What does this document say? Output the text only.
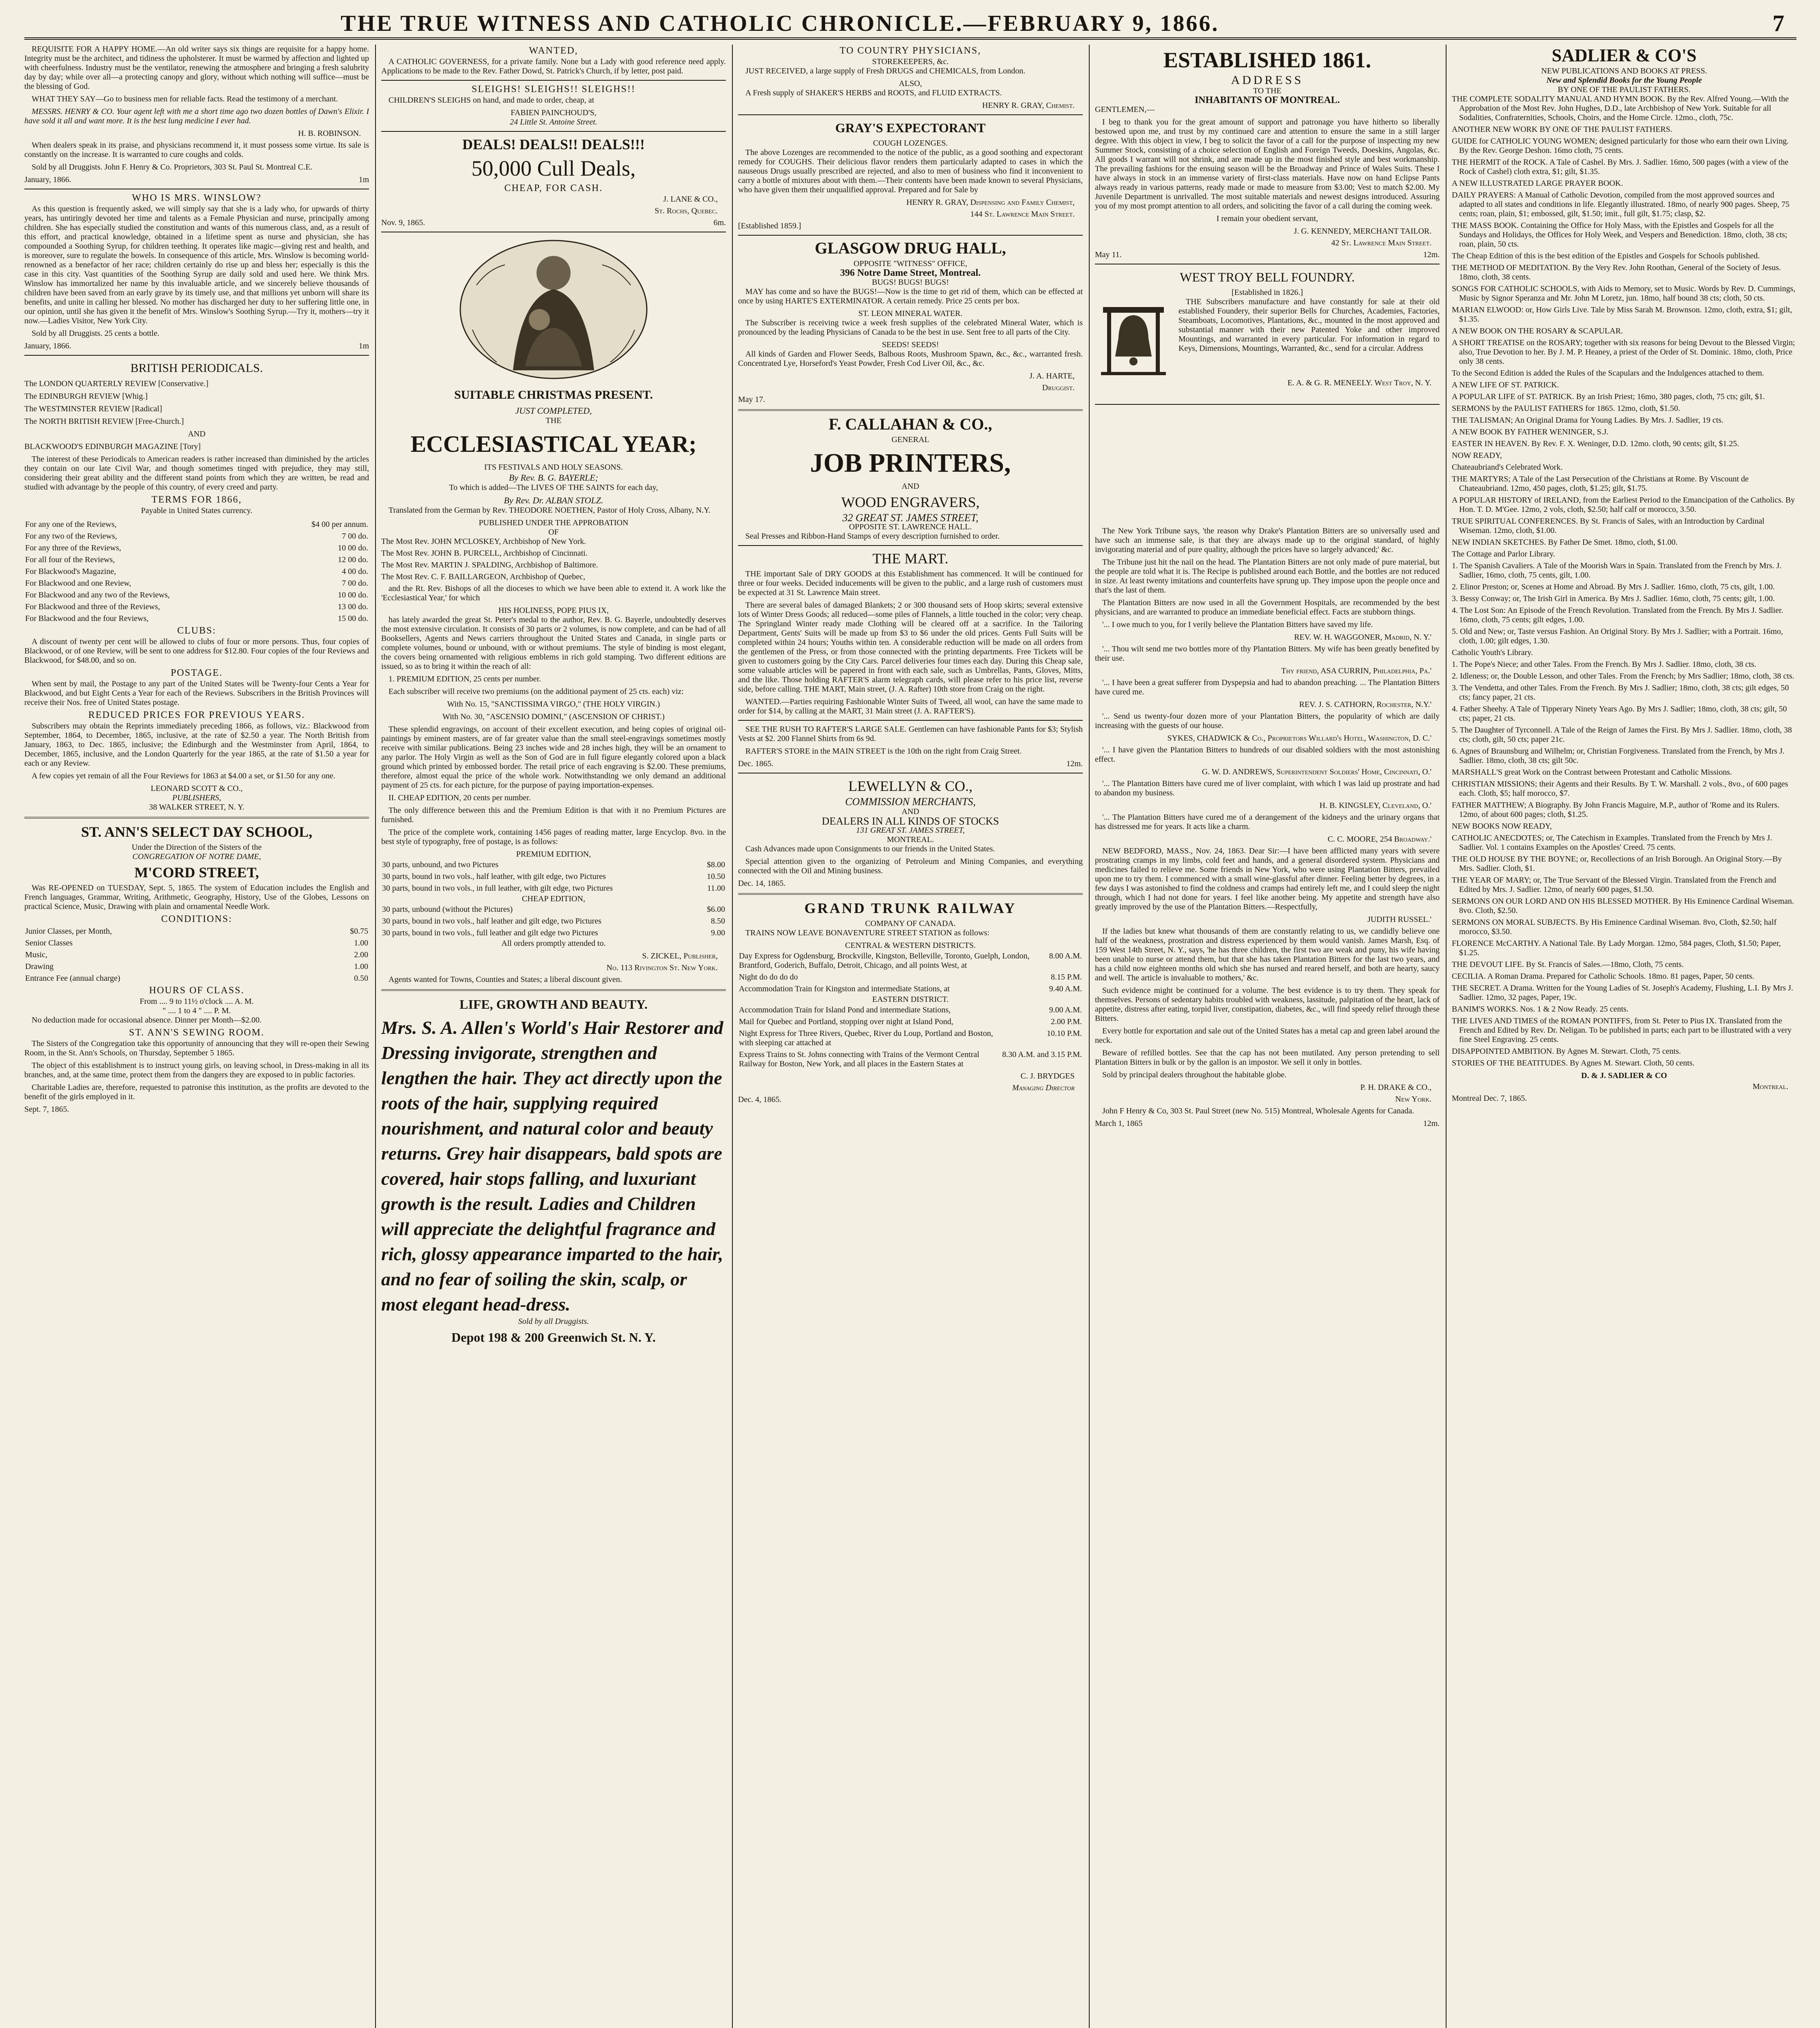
THE TRUE WITNESS AND CATHOLIC CHRONICLE.—FEBRUARY 9, 1866.	7

REQUISITE FOR A HAPPY HOME.—An old writer says six things are requisite for a happy home. Integrity must be the architect, and tidiness the upholsterer. It must be warmed by affection and lighted up with cheerfulness. Industry must be the ventilator, renewing the atmosphere and bringing a fresh salubrity day by day; while over all—a protecting canopy and glory, without which nothing will suffice—must be the blessing of God.

WHAT THEY SAY—Go to business men for reliable facts. Read the testimony of a merchant.

MESSRS. HENRY & CO. Your agent left with me a short time ago two dozen bottles of Dawn's Elixir. I have sold it all and want more. It is the best lung medicine I ever had.

H. B. ROBINSON.

When dealers speak in its praise, and physicians recommend it, it must possess some virtue. Its sale is constantly on the increase. It is warranted to cure coughs and colds.

Sold by all Druggists. John F. Henry & Co. Proprietors, 303 St. Paul St. Montreal C.E.

January, 1866.	1m
WHO IS MRS. WINSLOW?

As this question is frequently asked, we will simply say that she is a lady who, for upwards of thirty years, has untiringly devoted her time and talents as a Female Physician and nurse, principally among children. She has especially studied the constitution and wants of this numerous class, and, as a result of this effort, and practical knowledge, obtained in a lifetime spent as nurse and physician, she has compounded a Soothing Syrup, for children teething. It operates like magic—giving rest and health, and is moreover, sure to regulate the bowels. In consequence of this article, Mrs. Winslow is becoming world-renowned as a benefactor of her race; children certainly do rise up and bless her; especially is this the case in this city. Vast quantities of the Soothing Syrup are daily sold and used here. We think Mrs. Winslow has immortalized her name by this invaluable article, and we sincerely believe thousands of children have been saved from an early grave by its timely use, and that millions yet unborn will share its benefits, and unite in calling her blessed. No mother has discharged her duty to her suffering little one, in our opinion, until she has given it the benefit of Mrs. Winslow's Soothing Syrup.—Try it, mothers—try it now.—Ladies Visitor, New York City.

Sold by all Druggists. 25 cents a bottle.

January, 1866.	1m
BRITISH PERIODICALS.

The LONDON QUARTERLY REVIEW [Conservative.]

The EDINBURGH REVIEW [Whig.]

The WESTMINSTER REVIEW [Radical]

The NORTH BRITISH REVIEW [Free-Church.]

AND

BLACKWOOD'S EDINBURGH MAGAZINE [Tory]

The interest of these Periodicals to American readers is rather increased than diminished by the articles they contain on our late Civil War, and though sometimes tinged with prejudice, they may still, considering their great ability and the different stand points from which they are written, be read and studied with advantage by the people of this country, of every creed and party.

TERMS FOR 1866,

Payable in United States currency.

For any one of the Reviews,	$4 00 per annum.
For any two of the Reviews,	7 00 do.
For any three of the Reviews,	10 00 do.
For all four of the Reviews,	12 00 do.
For Blackwood's Magazine,	4 00 do.
For Blackwood and one Review,	7 00 do.
For Blackwood and any two of the Reviews,	10 00 do.
For Blackwood and three of the Reviews,	13 00 do.
For Blackwood and the four Reviews,	15 00 do.
CLUBS:

A discount of twenty per cent will be allowed to clubs of four or more persons. Thus, four copies of Blackwood, or of one Review, will be sent to one address for $12.80. Four copies of the four Reviews and Blackwood, for $48.00, and so on.

POSTAGE.

When sent by mail, the Postage to any part of the United States will be Twenty-four Cents a Year for Blackwood, and but Eight Cents a Year for each of the Reviews. Subscribers in the British Provinces will receive their Nos. free of United States postage.

REDUCED PRICES FOR PREVIOUS YEARS.

Subscribers may obtain the Reprints immediately preceding 1866, as follows, viz.: Blackwood from September, 1864, to December, 1865, inclusive, at the rate of $2.50 a year. The North British from January, 1863, to Dec. 1865, inclusive; the Edinburgh and the Westminster from April, 1864, to December, 1865, inclusive, and the London Quarterly for the year 1865, at the rate of $1.50 a year for each or any Review.

A few copies yet remain of all the Four Reviews for 1863 at $4.00 a set, or $1.50 for any one.

LEONARD SCOTT & CO.,
PUBLISHERS,
38 WALKER STREET, N. Y.
ST. ANN'S SELECT DAY SCHOOL,
Under the Direction of the Sisters of the
CONGREGATION OF NOTRE DAME,
M'CORD STREET,

Was RE-OPENED on TUESDAY, Sept. 5, 1865. The system of Education includes the English and French languages, Grammar, Writing, Arithmetic, Geography, History, Use of the Globes, Lessons on practical Science, Music, Drawing with plain and ornamental Needle Work.

CONDITIONS:
Junior Classes, per Month,	$0.75
Senior Classes	1.00
Music,	2.00
Drawing	1.00
Entrance Fee (annual charge)	0.50
HOURS OF CLASS.
From .... 9 to 11½ o'clock .... A. M.
" .... 1 to 4 " .... P. M.

No deduction made for occasional absence. Dinner per Month—$2.00.

ST. ANN'S SEWING ROOM.

The Sisters of the Congregation take this opportunity of announcing that they will re-open their Sewing Room, in the St. Ann's Schools, on Thursday, September 5 1865.

The object of this establishment is to instruct young girls, on leaving school, in Dress-making in all its branches, and, at the same time, protect them from the dangers they are exposed to in public factories.

Charitable Ladies are, therefore, requested to patronise this institution, as the profits are devoted to the benefit of the girls employed in it.

Sept. 7, 1865.
WANTED,

A CATHOLIC GOVERNESS, for a private family. None but a Lady with good reference need apply. Applications to be made to the Rev. Father Dowd, St. Patrick's Church, if by letter, post paid.

SLEIGHS! SLEIGHS!! SLEIGHS!!

CHILDREN'S SLEIGHS on hand, and made to order, cheap, at

FABIEN PAINCHOUD'S,
24 Little St. Antoine Street.
DEALS! DEALS!! DEALS!!!
50,000 Cull Deals,
CHEAP, FOR CASH.
J. LANE & CO.,
St. Rochs, Quebec.
Nov. 9, 1865.	6m.
SUITABLE CHRISTMAS PRESENT.
JUST COMPLETED,
THE
ECCLESIASTICAL YEAR;
ITS FESTIVALS AND HOLY SEASONS.
By Rev. B. G. BAYERLE;

To which is added—The LIVES OF THE SAINTS for each day,

By Rev. Dr. ALBAN STOLZ.

Translated from the German by Rev. THEODORE NOETHEN, Pastor of Holy Cross, Albany, N.Y.

PUBLISHED UNDER THE APPROBATION
OF

The Most Rev. JOHN M'CLOSKEY, Archbishop of New York.

The Most Rev. JOHN B. PURCELL, Archbishop of Cincinnati.

The Most Rev. MARTIN J. SPALDING, Archbishop of Baltimore.

The Most Rev. C. F. BAILLARGEON, Archbishop of Quebec,

and the Rt. Rev. Bishops of all the dioceses to which we have been able to extend it. A work like the 'Ecclesiastical Year,' for which

HIS HOLINESS, POPE PIUS IX,

has lately awarded the great St. Peter's medal to the author, Rev. B. G. Bayerle, undoubtedly deserves the most extensive circulation. It consists of 30 parts or 2 volumes, is now complete, and can be had of all Booksellers, Agents and News carriers throughout the United States and Canada, in single parts or complete volumes, bound or unbound, with or without premiums. The style of binding is most elegant, the covers being ornamented with religious emblems in rich gold stamping. Two different editions are issued, so as to bring it within the reach of all:

1. PREMIUM EDITION, 25 cents per number.

Each subscriber will receive two premiums (on the additional payment of 25 cts. each) viz:

With No. 15, "SANCTISSIMA VIRGO," (THE HOLY VIRGIN.)

With No. 30, "ASCENSIO DOMINI," (ASCENSION OF CHRIST.)

These splendid engravings, on account of their excellent execution, and being copies of original oil-paintings by eminent masters, are of far greater value than the small steel-engravings sometimes mostly receive with similar publications. Being 23 inches wide and 28 inches high, they will be an ornament to any parlor. The Holy Virgin as well as the Son of God are in full figure elegantly colored upon a black ground which printed by embossed border. The retail price of each engraving is $2.00. These premiums, therefore, almost equal the price of the whole work. Notwithstanding we only demand an additional payment of 25 cts. for each picture, for the purpose of paying importation-expenses.

II. CHEAP EDITION, 20 cents per number.

The only difference between this and the Premium Edition is that with it no Premium Pictures are furnished.

The price of the complete work, containing 1456 pages of reading matter, large Encyclop. 8vo. in the best style of typography, free of postage, is as follows:

PREMIUM EDITION,
30 parts, unbound, and two Pictures	$8.00
30 parts, bound in two vols., half leather, with gilt edge, two Pictures	10.50
30 parts, bound in two vols., in full leather, with gilt edge, two Pictures	11.00
CHEAP EDITION,
30 parts, unbound (without the Pictures)	$6.00
30 parts, bound in two vols., half leather and gilt edge, two Pictures	8.50
30 parts, bound in two vols., full leather and gilt edge two Pictures	9.00

All orders promptly attended to.

S. ZICKEL, Publisher,
No. 113 Rivington St. New York.

Agents wanted for Towns, Counties and States; a liberal discount given.

LIFE, GROWTH AND BEAUTY.
Mrs. S. A. Allen's World's Hair Restorer and Dressing invigorate, strengthen and lengthen the hair. They act directly upon the roots of the hair, supplying required nourishment, and natural color and beauty returns. Grey hair disappears, bald spots are covered, hair stops falling, and luxuriant growth is the result. Ladies and Children will appreciate the delightful fragrance and rich, glossy appearance imparted to the hair, and no fear of soiling the skin, scalp, or most elegant head-dress.
Sold by all Druggists.
Depot 198 & 200 Greenwich St. N. Y.
TO COUNTRY PHYSICIANS,
STOREKEEPERS, &c.

JUST RECEIVED, a large supply of Fresh DRUGS and CHEMICALS, from London.

ALSO,

A Fresh supply of SHAKER'S HERBS and ROOTS, and FLUID EXTRACTS.

HENRY R. GRAY, Chemist.
GRAY'S EXPECTORANT
COUGH LOZENGES.

The above Lozenges are recommended to the notice of the public, as a good soothing and expectorant remedy for COUGHS. Their delicious flavor renders them particularly adapted to cases in which the nauseous Drugs usually prescribed are rejected, and also to men of business who find it inconvenient to carry a bottle of mixtures about with them.—Their contents have been made known to several Physicians, who have given them their unqualified approval. Prepared and for Sale by

HENRY R. GRAY, Dispensing and Family Chemist,
144 St. Lawrence Main Street.
[Established 1859.]
GLASGOW DRUG HALL,
OPPOSITE "WITNESS" OFFICE,
396 Notre Dame Street, Montreal.
BUGS! BUGS! BUGS!

MAY has come and so have the BUGS!—Now is the time to get rid of them, which can be effected at once by using HARTE'S EXTERMINATOR. A certain remedy. Price 25 cents per box.

ST. LEON MINERAL WATER.

The Subscriber is receiving twice a week fresh supplies of the celebrated Mineral Water, which is pronounced by the leading Physicians of Canada to be the best in use. Sent free to all parts of the City.

SEEDS! SEEDS!

All kinds of Garden and Flower Seeds, Balbous Roots, Mushroom Spawn, &c., &c., warranted fresh. Concentrated Lye, Horseford's Yeast Powder, Fresh Cod Liver Oil, &c., &c.

J. A. HARTE,
Druggist.
May 17.
F. CALLAHAN & CO.,
GENERAL
JOB PRINTERS,
AND
WOOD ENGRAVERS,
32 GREAT ST. JAMES STREET,
OPPOSITE ST. LAWRENCE HALL.

Seal Presses and Ribbon-Hand Stamps of every description furnished to order.

THE MART.

THE important Sale of DRY GOODS at this Establishment has commenced. It will be continued for three or four weeks. Decided inducements will be given to the public, and a large rush of customers must be expected at 31 St. Lawrence Main street.

There are several bales of damaged Blankets; 2 or 300 thousand sets of Hoop skirts; several extensive lots of Winter Dress Goods; all reduced—some piles of Flannels, a little touched in the color; very cheap. The Springland Winter ready made Clothing will be cleared off at a sacrifice. In the Tailoring Department, Gents' Suits will be made up from $3 to $6 under the old prices. Gents Full Suits will be completed within 24 hours; Youths within ten. A considerable reduction will be made on all orders from the gentlemen of the Press, or from those connected with the printing departments. Free Tickets will be given to customers going by the City Cars. Parcel deliveries four times each day. During this Cheap sale, some valuable articles will be papered in front with each sale, such as Umbrellas, Pants, Gloves, Mitts, and the like. Those holding RAFTER'S alarm telegraph cards, will please refer to his price list, reverse side, before calling. THE MART, Main street, (J. A. Rafter) 10th store from Craig on the right.

WANTED.—Parties requiring Fashionable Winter Suits of Tweed, all wool, can have the same made to order for $14, by calling at the MART, 31 Main street (J. A. RAFTER'S).

SEE THE RUSH TO RAFTER'S LARGE SALE. Gentlemen can have fashionable Pants for $3; Stylish Vests at $2. 200 Flannel Shirts from 6s 9d.

RAFTER'S STORE in the MAIN STREET is the 10th on the right from Craig Street.

Dec. 1865.	12m.
LEWELLYN & CO.,
COMMISSION MERCHANTS,
AND
DEALERS IN ALL KINDS OF STOCKS
131 GREAT ST. JAMES STREET,
MONTREAL.

Cash Advances made upon Consignments to our friends in the United States.

Special attention given to the organizing of Petroleum and Mining Companies, and everything connected with the Oil and Mining business.

Dec. 14, 1865.
GRAND TRUNK RAILWAY
COMPANY OF CANADA.

TRAINS NOW LEAVE BONAVENTURE STREET STATION as follows:

CENTRAL & WESTERN DISTRICTS.
Day Express for Ogdensburg, Brockville, Kingston, Belleville, Toronto, Guelph, London, Brantford, Goderich, Buffalo, Detroit, Chicago, and all points West, at	8.00 A.M.
Night do do do do	8.15 P.M.
Accommodation Train for Kingston and intermediate Stations, at	9.40 A.M.
EASTERN DISTRICT.
Accommodation Train for Island Pond and intermediate Stations,	9.00 A.M.
Mail for Quebec and Portland, stopping over night at Island Pond,	2.00 P.M.
Night Express for Three Rivers, Quebec, River du Loup, Portland and Boston, with sleeping car attached at	10.10 P.M.
Express Trains to St. Johns connecting with Trains of the Vermont Central Railway for Boston, New York, and all places in the Eastern States at	8.30 A.M. and 3.15 P.M.
C. J. BRYDGES
Managing Director
Dec. 4, 1865.
ESTABLISHED 1861.
ADDRESS
TO THE
INHABITANTS OF MONTREAL.

GENTLEMEN,—

I beg to thank you for the great amount of support and patronage you have hitherto so liberally bestowed upon me, and trust by my continued care and attention to ensure the same in a still larger degree. With this object in view, I beg to solicit the favor of a call for the purpose of inspecting my new Summer Stock, consisting of a choice selection of English and Foreign Tweeds, Doeskins, Angolas, &c. All goods I warrant will not shrink, and are made up in the most finished style and best workmanship. The prevailing fashions for the ensuing season will be the Broadway and Prince of Wales Suits. These I have always in stock in an immense variety of first-class materials. Have now on hand Eclipse Pants always ready in various patterns, ready made or made to measure from $3.00; Vest to match $2.00. My Juvenile Department is unrivalled. The most suitable materials and newest designs introduced. Assuring you of my most prompt attention to all orders, and soliciting the favor of a call during the coming week.

I remain your obedient servant,

J. G. KENNEDY, MERCHANT TAILOR.
42 St. Lawrence Main Street.
May 11.	12m.
WEST TROY BELL FOUNDRY.
[Established in 1826.]

THE Subscribers manufacture and have constantly for sale at their old established Foundery, their superior Bells for Churches, Academies, Factories, Steamboats, Locomotives, Plantations, &c., mounted in the most approved and substantial manner with their new Patented Yoke and other improved Mountings, and warranted in every particular. For information in regard to Keys, Dimensions, Mountings, Warranted, &c., send for a circular. Address

E. A. & G. R. MENEELY. West Troy, N. Y.

The New York Tribune says, 'the reason why Drake's Plantation Bitters are so universally used and have such an immense sale, is that they are always made up to the original standard, of highly invigorating material and of pure quality, although the prices have so largely advanced;' &c.

The Tribune just hit the nail on the head. The Plantation Bitters are not only made of pure material, but the people are told what it is. The Recipe is published around each Bottle, and the bottles are not reduced in size. At least twenty imitations and counterfeits have sprung up. They impose upon the people once and that's the last of them.

The Plantation Bitters are now used in all the Government Hospitals, are recommended by the best physicians, and are warranted to produce an immediate beneficial effect. Facts are stubborn things.

'... I owe much to you, for I verily believe the Plantation Bitters have saved my life.

REV. W. H. WAGGONER, Madrid, N. Y.'

'... Thou wilt send me two bottles more of thy Plantation Bitters. My wife has been greatly benefited by their use.

Thy friend, ASA CURRIN, Philadelphia, Pa.'

'... I have been a great sufferer from Dyspepsia and had to abandon preaching. ... The Plantation Bitters have cured me.

REV. J. S. CATHORN, Rochester, N.Y.'

'... Send us twenty-four dozen more of your Plantation Bitters, the popularity of which are daily increasing with the guests of our house.

SYKES, CHADWICK & Co., Proprietors Willard's Hotel, Washington, D. C.'

'... I have given the Plantation Bitters to hundreds of our disabled soldiers with the most astonishing effect.

G. W. D. ANDREWS, Superintendent Soldiers' Home, Cincinnati, O.'

'... The Plantation Bitters have cured me of liver complaint, with which I was laid up prostrate and had to abandon my business.

H. B. KINGSLEY, Cleveland, O.'

'... The Plantation Bitters have cured me of a derangement of the kidneys and the urinary organs that has distressed me for years. It acts like a charm.

C. C. MOORE, 254 Broadway.'

NEW BEDFORD, MASS., Nov. 24, 1863. Dear Sir:—I have been afflicted many years with severe prostrating cramps in my limbs, cold feet and hands, and a general disordered system. Physicians and medicines failed to relieve me. Some friends in New York, who were using Plantation Bitters, prevailed upon me to try them. I commenced with a small wine-glassful after dinner. Feeling better by degrees, in a few days I was astonished to find the coldness and cramps had entirely left me, and I could sleep the night through, which I had not done for years. I feel like another being. My appetite and strength have also greatly improved by the use of the Plantation Bitters.—Respectfully,

JUDITH RUSSEL.'

If the ladies but knew what thousands of them are constantly relating to us, we candidly believe one half of the weakness, prostration and distress experienced by them would vanish. James Marsh, Esq. of 159 West 14th Street, N. Y., says, 'he has three children, the first two are weak and puny, his wife having been unable to nurse or attend them, but that she has taken Plantation Bitters for the last two years, and has a child now eighteen months old which she has nursed and reared herself, and both are hearty, saucy and well. The article is invaluable to mothers,' &c.

Such evidence might be continued for a volume. The best evidence is to try them. They speak for themselves. Persons of sedentary habits troubled with weakness, lassitude, palpitation of the heart, lack of appetite, distress after eating, torpid liver, constipation, diabetes, &c., will find speedy relief through these Bitters.

Every bottle for exportation and sale out of the United States has a metal cap and green label around the neck.

Beware of refilled bottles. See that the cap has not been mutilated. Any person pretending to sell Plantation Bitters in bulk or by the gallon is an impostor. We sell it only in bottles.

Sold by principal dealers throughout the habitable globe.

P. H. DRAKE & CO.,
New York.

John F Henry & Co, 303 St. Paul Street (new No. 515) Montreal, Wholesale Agents for Canada.

March 1, 1865	12m.
SADLIER & CO'S
NEW PUBLICATIONS AND BOOKS AT PRESS.
New and Splendid Books for the Young People
BY ONE OF THE PAULIST FATHERS.

THE COMPLETE SODALITY MANUAL AND HYMN BOOK. By the Rev. Alfred Young.—With the Approbation of the Most Rev. John Hughes, D.D., late Archbishop of New York. Suitable for all Sodalities, Confraternities, Schools, Choirs, and the Home Circle. 12mo., cloth, 75c.

ANOTHER NEW WORK BY ONE OF THE PAULIST FATHERS.

GUIDE for CATHOLIC YOUNG WOMEN; designed particularly for those who earn their own Living. By the Rev. George Deshon. 16mo cloth, 75 cents.

THE HERMIT of the ROCK. A Tale of Cashel. By Mrs. J. Sadlier. 16mo, 500 pages (with a view of the Rock of Cashel) cloth extra, $1; gilt, $1.35.

A NEW ILLUSTRATED LARGE PRAYER BOOK.

DAILY PRAYERS: A Manual of Catholic Devotion, compiled from the most approved sources and adapted to all states and conditions in life. Elegantly illustrated. 18mo, of nearly 900 pages. Sheep, 75 cents; roan, plain, $1; embossed, gilt, $1.50; imit., full gilt, $1.75; clasp, $2.

THE MASS BOOK. Containing the Office for Holy Mass, with the Epistles and Gospels for all the Sundays and Holidays, the Offices for Holy Week, and Vespers and Benediction. 18mo, cloth, 38 cts; roan, plain, 50 cts.

The Cheap Edition of this is the best edition of the Epistles and Gospels for Schools published.

THE METHOD OF MEDITATION. By the Very Rev. John Roothan, General of the Society of Jesus. 18mo, cloth, 38 cents.

SONGS FOR CATHOLIC SCHOOLS, with Aids to Memory, set to Music. Words by Rev. D. Cummings, Music by Signor Speranza and Mr. John M Loretz, jun. 18mo, half bound 38 cts; cloth, 50 cts.

MARIAN ELWOOD: or, How Girls Live. Tale by Miss Sarah M. Brownson. 12mo, cloth, extra, $1; gilt, $1.35.

A NEW BOOK ON THE ROSARY & SCAPULAR.

A SHORT TREATISE on the ROSARY; together with six reasons for being Devout to the Blessed Virgin; also, True Devotion to her. By J. M. P. Heaney, a priest of the Order of St. Dominic. 18mo, cloth, Price only 38 cents.

To the Second Edition is added the Rules of the Scapulars and the Indulgences attached to them.

A NEW LIFE OF ST. PATRICK.

A POPULAR LIFE of ST. PATRICK. By an Irish Priest; 16mo, 380 pages, cloth, 75 cts; gilt, $1.

SERMONS by the PAULIST FATHERS for 1865. 12mo, cloth, $1.50.

THE TALISMAN; An Original Drama for Young Ladies. By Mrs. J. Sadlier, 19 cts.

A NEW BOOK BY FATHER WENINGER, S.J.

EASTER IN HEAVEN. By Rev. F. X. Weninger, D.D. 12mo. cloth, 90 cents; gilt, $1.25.

NOW READY,

Chateaubriand's Celebrated Work.

THE MARTYRS; A Tale of the Last Persecution of the Christians at Rome. By Viscount de Chateaubriand. 12mo, 450 pages, cloth, $1.25; gilt, $1.75.

A POPULAR HISTORY of IRELAND, from the Earliest Period to the Emancipation of the Catholics. By Hon. T. D. M'Gee. 12mo, 2 vols, cloth, $2.50; half calf or morocco, 3.50.

TRUE SPIRITUAL CONFERENCES. By St. Francis of Sales, with an Introduction by Cardinal Wiseman. 12mo, cloth, $1.00.

NEW INDIAN SKETCHES. By Father De Smet. 18mo, cloth, $1.00.

The Cottage and Parlor Library.

1. The Spanish Cavaliers. A Tale of the Moorish Wars in Spain. Translated from the French by Mrs. J. Sadlier, 16mo, cloth, 75 cents, gilt, 1.00.

2. Elinor Preston; or, Scenes at Home and Abroad. By Mrs J. Sadlier. 16mo, cloth, 75 cts, gilt, 1.00.

3. Bessy Conway; or, The Irish Girl in America. By Mrs J. Sadlier. 16mo, cloth, 75 cents; gilt, 1.00.

4. The Lost Son: An Episode of the French Revolution. Translated from the French. By Mrs J. Sadlier. 16mo, cloth, 75 cents; gilt edges, 1.00.

5. Old and New; or, Taste versus Fashion. An Original Story. By Mrs J. Sadlier; with a Portrait. 16mo, cloth, 1.00; gilt edges, 1.30.

Catholic Youth's Library.

1. The Pope's Niece; and other Tales. From the French. By Mrs J. Sadlier. 18mo, cloth, 38 cts.

2. Idleness; or, the Double Lesson, and other Tales. From the French; by Mrs Sadlier; 18mo, cloth, 38 cts.

3. The Vendetta, and other Tales. From the French. By Mrs J. Sadlier; 18mo, cloth, 38 cts; gilt edges, 50 cts; fancy paper, 21 cts.

4. Father Sheehy. A Tale of Tipperary Ninety Years Ago. By Mrs J. Sadlier; 18mo, cloth, 38 cts; gilt, 50 cts; paper, 21 cts.

5. The Daughter of Tyrconnell. A Tale of the Reign of James the First. By Mrs J. Sadlier. 18mo, cloth, 38 cts; cloth, gilt, 50 cts; paper 21c.

6. Agnes of Braunsburg and Wilhelm; or, Christian Forgiveness. Translated from the French, by Mrs J. Sadlier. 18mo, cloth, 38 cts; gilt 50c.

MARSHALL'S great Work on the Contrast between Protestant and Catholic Missions.

CHRISTIAN MISSIONS; their Agents and their Results. By T. W. Marshall. 2 vols., 8vo., of 600 pages each. Cloth, $5; half morocco, $7.

FATHER MATTHEW; A Biography. By John Francis Maguire, M.P., author of 'Rome and its Rulers. 12mo, of about 600 pages; cloth, $1.25.

NEW BOOKS NOW READY,

CATHOLIC ANECDOTES; or, The Catechism in Examples. Translated from the French by Mrs J. Sadlier. Vol. 1 contains Examples on the Apostles' Creed. 75 cents.

THE OLD HOUSE BY THE BOYNE; or, Recollections of an Irish Borough. An Original Story.—By Mrs. Sadlier. Cloth, $1.

THE YEAR OF MARY; or, The True Servant of the Blessed Virgin. Translated from the French and Edited by Mrs. J. Sadlier. 12mo, of nearly 600 pages, $1.50.

SERMONS ON OUR LORD AND ON HIS BLESSED MOTHER. By His Eminence Cardinal Wiseman. 8vo. Cloth, $2.50.

SERMONS ON MORAL SUBJECTS. By His Eminence Cardinal Wiseman. 8vo, Cloth, $2.50; half morocco, $3.50.

FLORENCE McCARTHY. A National Tale. By Lady Morgan. 12mo, 584 pages, Cloth, $1.50; Paper, $1.25.

THE DEVOUT LIFE. By St. Francis of Sales.—18mo, Cloth, 75 cents.

CECILIA. A Roman Drama. Prepared for Catholic Schools. 18mo. 81 pages, Paper, 50 cents.

THE SECRET. A Drama. Written for the Young Ladies of St. Joseph's Academy, Flushing, L.I. By Mrs J. Sadlier. 12mo, 32 pages, Paper, 19c.

BANIM'S WORKS. Nos. 1 & 2 Now Ready. 25 cents.

THE LIVES AND TIMES of the ROMAN PONTIFFS, from St. Peter to Pius IX. Translated from the French and Edited by Rev. Dr. Neligan. To be published in parts; each part to be illustrated with a very fine Steel Engraving. 25 cents.

DISAPPOINTED AMBITION. By Agnes M. Stewart. Cloth, 75 cents.

STORIES OF THE BEATITUDES. By Agnes M. Stewart. Cloth, 50 cents.

D. & J. SADLIER & CO
Montreal.
Montreal Dec. 7, 1865.
